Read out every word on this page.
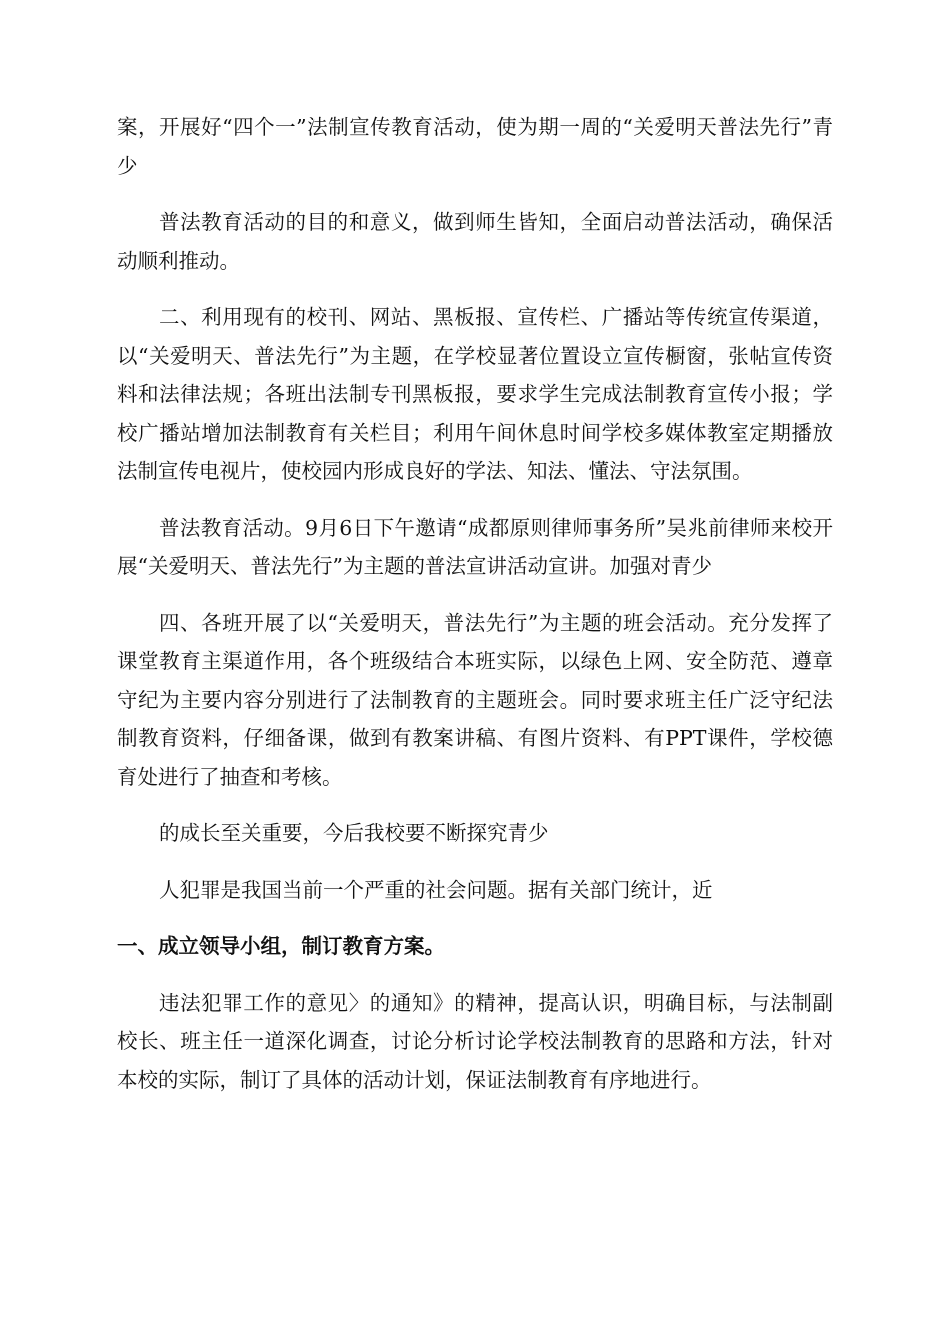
案，开展好“四个一”法制宣传教育活动，使为期一周的“关爱明天普法先行”青少

普法教育活动的目的和意义，做到师生皆知，全面启动普法活动，确保活动顺利推动。

二、利用现有的校刊、网站、黑板报、宣传栏、广播站等传统宣传渠道，以“关爱明天、普法先行”为主题，在学校显著位置设立宣传橱窗，张帖宣传资料和法律法规；各班出法制专刊黑板报，要求学生完成法制教育宣传小报；学校广播站增加法制教育有关栏目；利用午间休息时间学校多媒体教室定期播放法制宣传电视片，使校园内形成良好的学法、知法、懂法、守法氛围。

普法教育活动。9月6日下午邀请“成都原则律师事务所”吴兆前律师来校开展“关爱明天、普法先行”为主题的普法宣讲活动宣讲。加强对青少

四、各班开展了以“关爱明天，普法先行”为主题的班会活动。充分发挥了课堂教育主渠道作用，各个班级结合本班实际，以绿色上网、安全防范、遵章守纪为主要内容分别进行了法制教育的主题班会。同时要求班主任广泛守纪法制教育资料，仔细备课，做到有教案讲稿、有图片资料、有PPT课件，学校德育处进行了抽查和考核。

的成长至关重要，今后我校要不断探究青少

人犯罪是我国当前一个严重的社会问题。据有关部门统计，近

一、成立领导小组，制订教育方案。

违法犯罪工作的意见〉的通知》的精神，提高认识，明确目标，与法制副校长、班主任一道深化调查，讨论分析讨论学校法制教育的思路和方法，针对本校的实际，制订了具体的活动计划，保证法制教育有序地进行。
